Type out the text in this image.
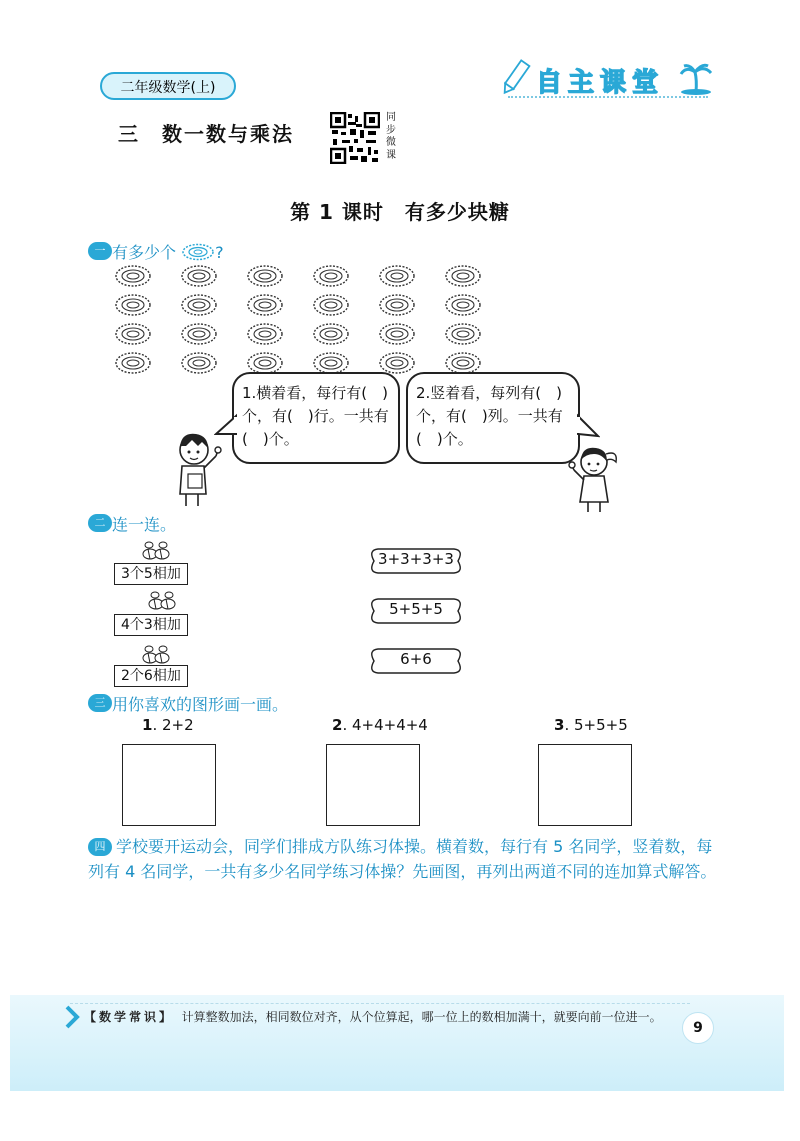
二年级数学(上)	自主课堂
三　数一数与乘法
同
步
微
课
第 1 课时　有多少块糖
一 有多少个 ?
1.横着看，每行有(　)
个，有(　)行。一共有
(　)个。
2.竖着看，每列有(　)
个，有(　)列。一共有
(　)个。
二 连一连。
3个5相加
4个3相加
2个6相加
3+3+3+3
5+5+5
6+6
三 用你喜欢的图形画一画。
1. 2+2	2. 4+4+4+4	3. 5+5+5
四 学校要开运动会，同学们排成方队练习体操。横着数，每行有 5 名同学，竖着数，每列有 4 名同学，一共有多少名同学练习体操？先画图，再列出两道不同的连加算式解答。
【数学常识】 计算整数加法，相同数位对齐，从个位算起，哪一位上的数相加满十，就要向前一位进一。
9
